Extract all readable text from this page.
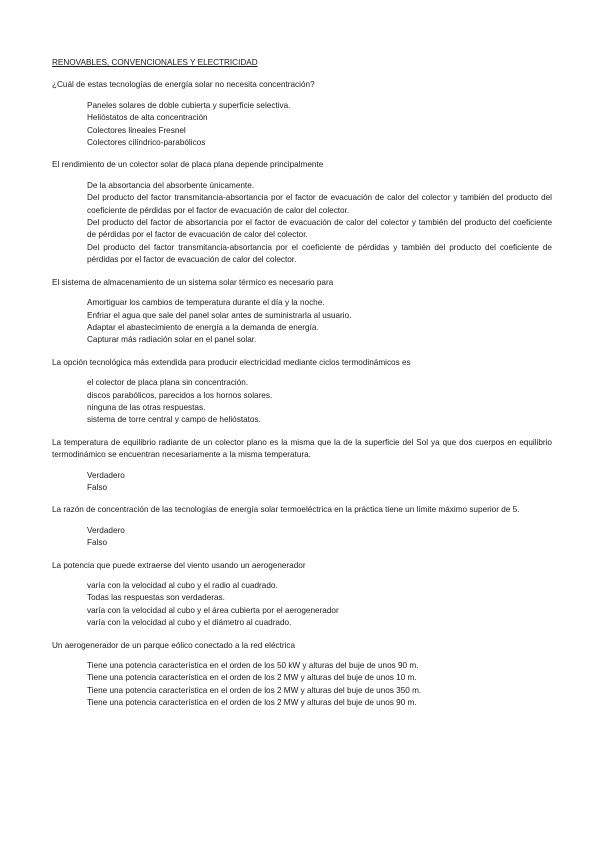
RENOVABLES, CONVENCIONALES Y ELECTRICIDAD

¿Cuál de estas tecnologías de energía solar no necesita concentración?

Paneles solares de doble cubierta y superficie selectiva.
Helióstatos de alta concentración
Colectores lineales Fresnel
Colectores cilíndrico-parabólicos

El rendimiento de un colector solar de placa plana depende principalmente

De la absortancia del absorbente únicamente.
Del producto del factor transmitancia-absortancia por el factor de evacuación de calor del colector y también del producto del coeficiente de pérdidas por el factor de evacuación de calor del colector.
Del producto del factor de absortancia por el factor de evacuación de calor del colector y también del producto del coeficiente de pérdidas por el factor de evacuación de calor del colector.
Del producto del factor transmitancia-absortancia por el coeficiente de pérdidas y también del producto del coeficiente de pérdidas por el factor de evacuación de calor del colector.

El sistema de almacenamiento de un sistema solar térmico es necesario para

Amortiguar los cambios de temperatura durante el día y la noche.
Enfriar el agua que sale del panel solar antes de suministrarla al usuario.
Adaptar el abastecimiento de energía a la demanda de energía.
Capturar más radiación solar en el panel solar.

La opción tecnológica más extendida para producir electricidad mediante ciclos termodinámicos es

el colector de placa plana sin concentración.
discos parabólicos, parecidos a los hornos solares.
ninguna de las otras respuestas.
sistema de torre central y campo de helióstatos.

La temperatura de equilibrio radiante de un colector plano es la misma que la de la superficie del Sol ya que dos cuerpos en equilibrio termodinámico se encuentran necesariamente a la misma temperatura.

Verdadero
Falso

La razón de concentración de las tecnologías de energía solar termoeléctrica en la práctica tiene un límite máximo superior de 5.

Verdadero
Falso

La potencia que puede extraerse del viento usando un aerogenerador

varía con la velocidad al cubo y el radio al cuadrado.
Todas las respuestas son verdaderas.
varía con la velocidad al cubo y el área cubierta por el aerogenerador
varía con la velocidad al cubo y el diámetro al cuadrado.

Un aerogenerador de un parque eólico conectado a la red eléctrica

Tiene una potencia característica en el orden de los 50 kW y alturas del buje de unos 90 m.
Tiene una potencia característica en el orden de los 2 MW y alturas del buje de unos 10 m.
Tiene una potencia característica en el orden de los 2 MW y alturas del buje de unos 350 m.
Tiene una potencia característica en el orden de los 2 MW y alturas del buje de unos 90 m.
